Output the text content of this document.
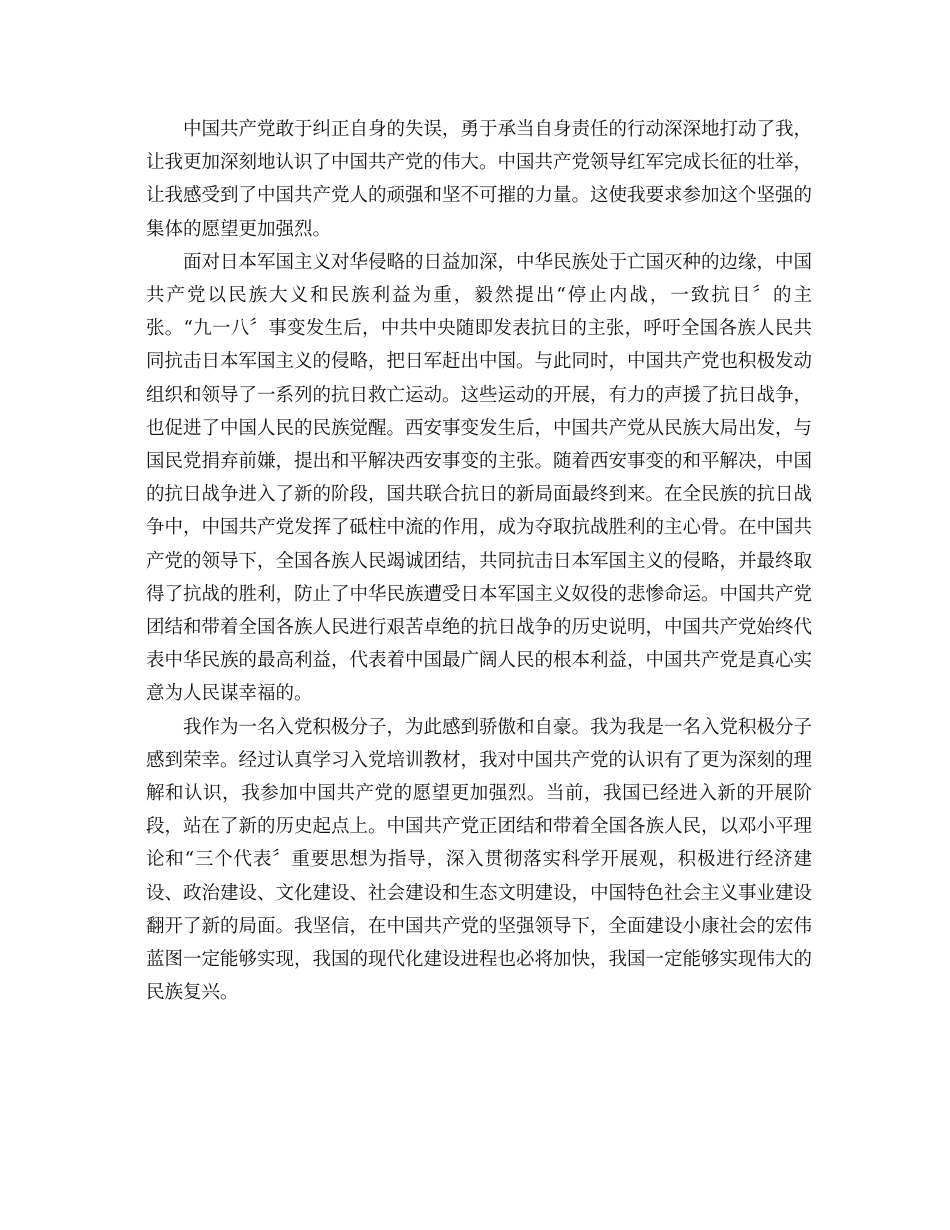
中国共产党敢于纠正自身的失误，勇于承当自身责任的行动深深地打动了我，让我更加深刻地认识了中国共产党的伟大。中国共产党领导红军完成长征的壮举，让我感受到了中国共产党人的顽强和坚不可摧的力量。这使我要求参加这个坚强的集体的愿望更加强烈。

面对日本军国主义对华侵略的日益加深，中华民族处于亡国灭种的边缘，中国共产党以民族大义和民族利益为重，毅然提出“停止内战，一致抗日〞的主张。“九一八〞事变发生后，中共中央随即发表抗日的主张，呼吁全国各族人民共同抗击日本军国主义的侵略，把日军赶出中国。与此同时，中国共产党也积极发动组织和领导了一系列的抗日救亡运动。这些运动的开展，有力的声援了抗日战争，也促进了中国人民的民族觉醒。西安事变发生后，中国共产党从民族大局出发，与国民党捐弃前嫌，提出和平解决西安事变的主张。随着西安事变的和平解决，中国的抗日战争进入了新的阶段，国共联合抗日的新局面最终到来。在全民族的抗日战争中，中国共产党发挥了砥柱中流的作用，成为夺取抗战胜利的主心骨。在中国共产党的领导下，全国各族人民竭诚团结，共同抗击日本军国主义的侵略，并最终取得了抗战的胜利，防止了中华民族遭受日本军国主义奴役的悲惨命运。中国共产党团结和带着全国各族人民进行艰苦卓绝的抗日战争的历史说明，中国共产党始终代表中华民族的最高利益，代表着中国最广阔人民的根本利益，中国共产党是真心实意为人民谋幸福的。

我作为一名入党积极分子，为此感到骄傲和自豪。我为我是一名入党积极分子感到荣幸。经过认真学习入党培训教材，我对中国共产党的认识有了更为深刻的理解和认识，我参加中国共产党的愿望更加强烈。当前，我国已经进入新的开展阶段，站在了新的历史起点上。中国共产党正团结和带着全国各族人民，以邓小平理论和“三个代表〞重要思想为指导，深入贯彻落实科学开展观，积极进行经济建设、政治建设、文化建设、社会建设和生态文明建设，中国特色社会主义事业建设翻开了新的局面。我坚信，在中国共产党的坚强领导下，全面建设小康社会的宏伟蓝图一定能够实现，我国的现代化建设进程也必将加快，我国一定能够实现伟大的民族复兴。
